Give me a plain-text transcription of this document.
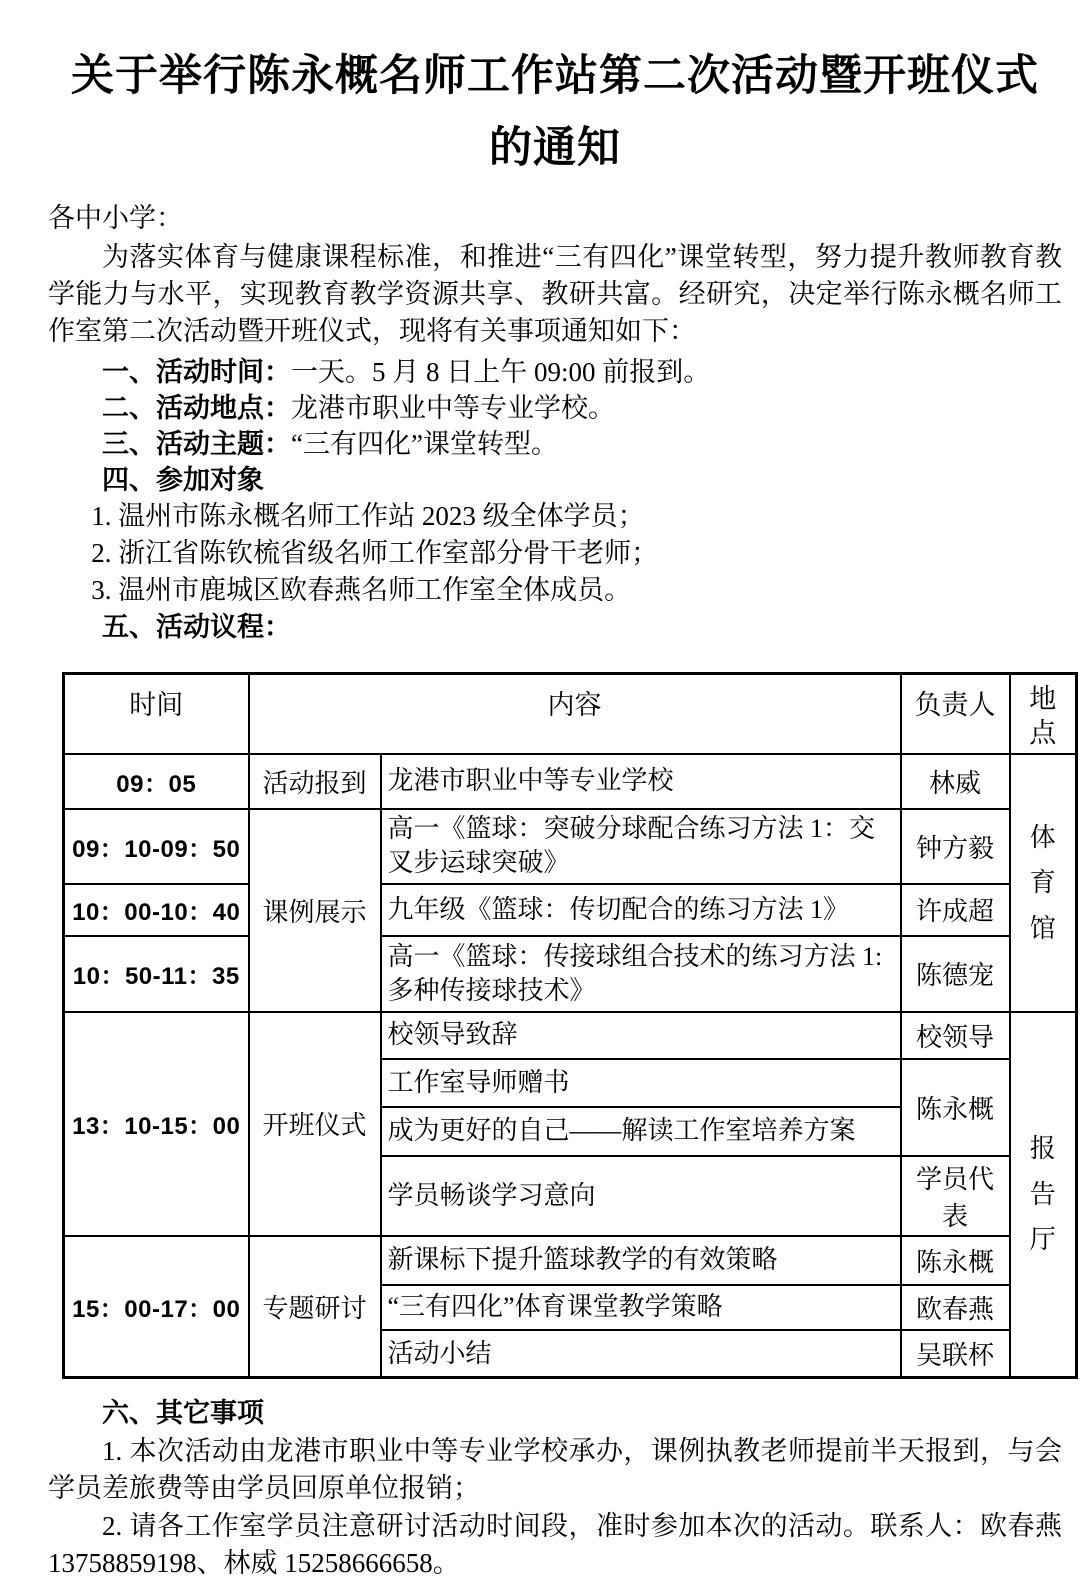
关于举行陈永概名师工作站第二次活动暨开班仪式
的通知
各中小学：

为落实体育与健康课程标准，和推进“三有四化”课堂转型，努力提升教师教育教学能力与水平，实现教育教学资源共享、教研共富。经研究，决定举行陈永概名师工作室第二次活动暨开班仪式，现将有关事项通知如下：

一、活动时间：一天。5 月 8 日上午 09:00 前报到。
二、活动地点：龙港市职业中等专业学校。
三、活动主题：“三有四化”课堂转型。
四、参加对象
1. 温州市陈永概名师工作站 2023 级全体学员；
2. 浙江省陈钦梳省级名师工作室部分骨干老师；
3. 温州市鹿城区欧春燕名师工作室全体成员。
五、活动议程：
时间	内容		负责人	地点
09：05	活动报到	龙港市职业中等专业学校	林威	体育馆
09：10-09：50	课例展示	高一《篮球：突破分球配合练习方法 1：交叉步运球突破》	钟方毅	
10：00-10：40		九年级《篮球：传切配合的练习方法 1》	许成超	
10：50-11：35		高一《篮球：传接球组合技术的练习方法 1:多种传接球技术》	陈德宠	
13：10-15：00	开班仪式	校领导致辞	校领导	报告厅
		工作室导师赠书	陈永概	
		成为更好的自己——解读工作室培养方案		
		学员畅谈学习意向	学员代表	
15：00-17：00	专题研讨	新课标下提升篮球教学的有效策略	陈永概	
		“三有四化”体育课堂教学策略	欧春燕	
		活动小结	吴联杯	
六、其它事项

1. 本次活动由龙港市职业中等专业学校承办，课例执教老师提前半天报到，与会学员差旅费等由学员回原单位报销；

2. 请各工作室学员注意研讨活动时间段，准时参加本次的活动。联系人：欧春燕 13758859198、林威 15258666658。
